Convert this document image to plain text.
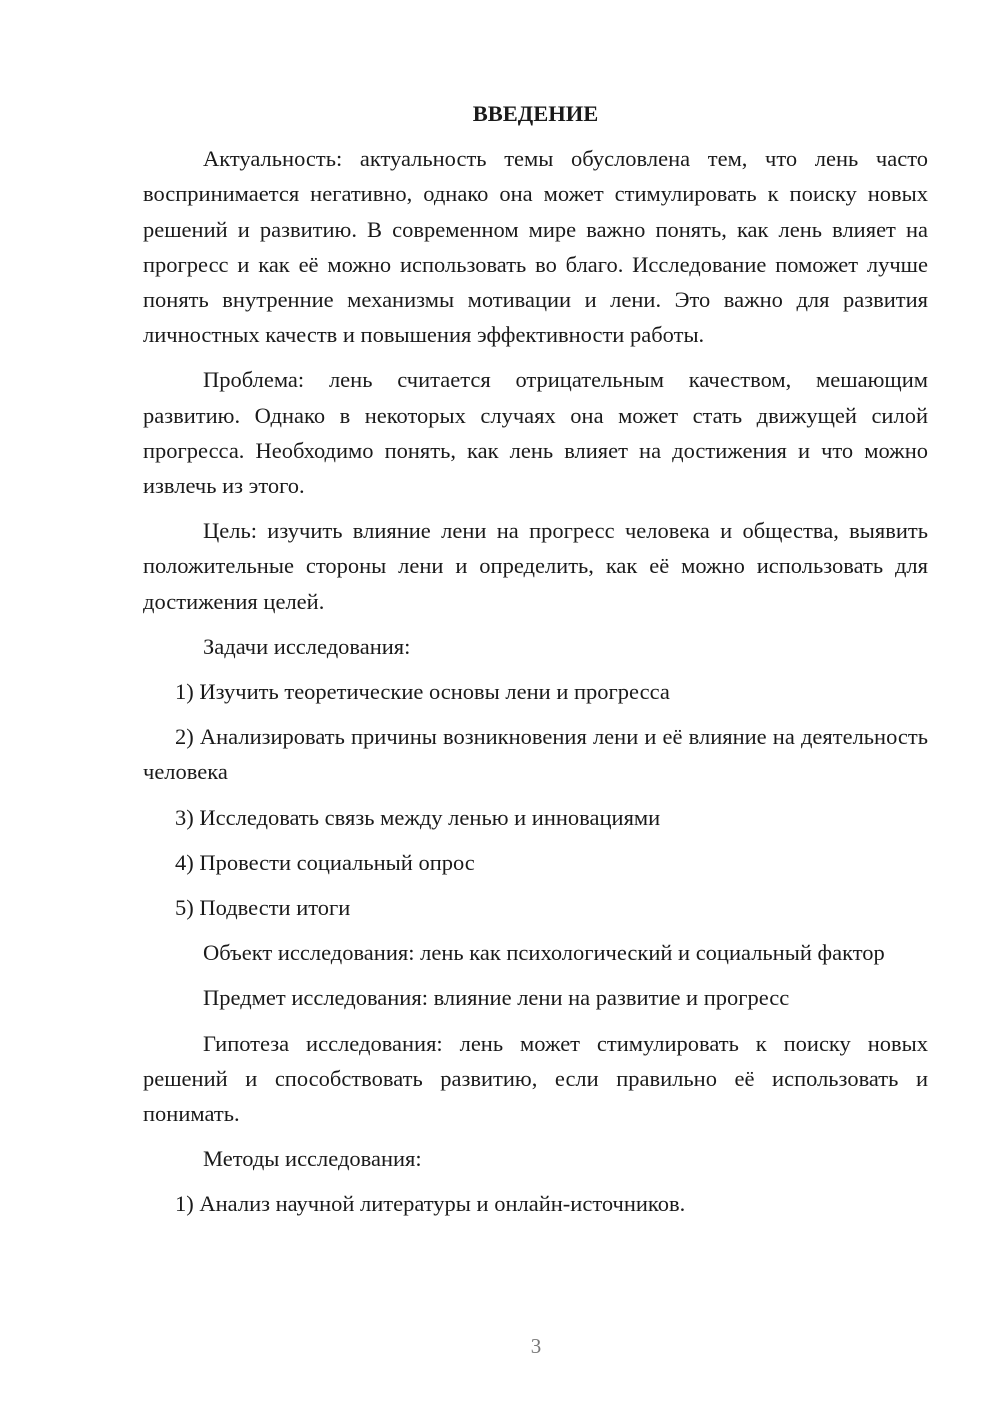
ВВЕДЕНИЕ
Актуальность: актуальность темы обусловлена тем, что лень часто воспринимается негативно, однако она может стимулировать к поиску новых решений и развитию. В современном мире важно понять, как лень влияет на прогресс и как её можно использовать во благо. Исследование поможет лучше понять внутренние механизмы мотивации и лени. Это важно для развития личностных качеств и повышения эффективности работы.
Проблема: лень считается отрицательным качеством, мешающим развитию. Однако в некоторых случаях она может стать движущей силой прогресса. Необходимо понять, как лень влияет на достижения и что можно извлечь из этого.
Цель: изучить влияние лени на прогресс человека и общества, выявить положительные стороны лени и определить, как её можно использовать для достижения целей.
Задачи исследования:
1) Изучить теоретические основы лени и прогресса
2) Анализировать причины возникновения лени и её влияние на деятельность человека
3) Исследовать связь между ленью и инновациями
4) Провести социальный опрос
5) Подвести итоги
Объект исследования: лень как психологический и социальный фактор
Предмет исследования: влияние лени на развитие и прогресс
Гипотеза исследования: лень может стимулировать к поиску новых решений и способствовать развитию, если правильно её использовать и понимать.
Методы исследования:
1) Анализ научной литературы и онлайн-источников.
3
